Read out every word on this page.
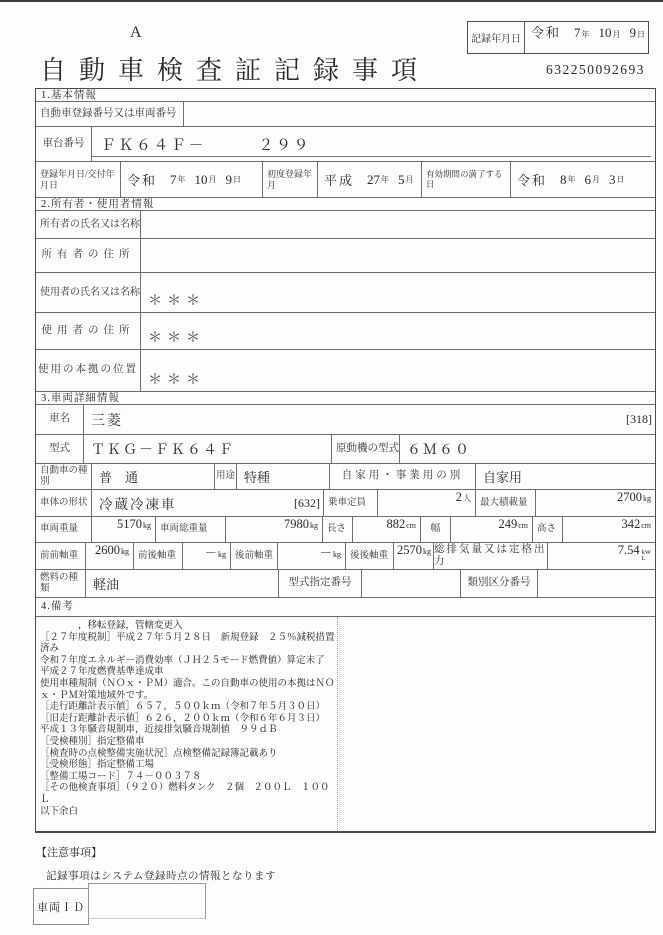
A
自動車検査証記録事項	632250092693
記録年月日 令和 7 年 10 月 9 日
1.基本情報
自動車登録番号又は車両番号
車台番号	ＦＫ６４Ｆ－　　　２９９
登録年月日/交付年月日	令和 7 年 10 月 9 日
初度登録年月	平成 27 年 5 月
有効期間の満了する日	令和 8 年 6 月 3 日
2.所有者・使用者情報
所有者の氏名又は名称
所有者の住所
使用者の氏名又は名称
＊＊＊
使用者の住所
＊＊＊
使用の本拠の位置
＊＊＊
3.車両詳細情報
車名	三菱	[318]
型式	ＴＫＧ－ＦＫ６４Ｆ	原動機の型式 ６Ｍ６０
自動車の種別	普　通	用途 特種	自家用・事業用の別	自家用
車体の形状 冷蔵冷凍車	[632] 乗車定員	2 人 最大積載量	2700 kg
車両重量	5170 kg 車両総重量	7980 kg 長さ	882 cm	幅	249 cm 高さ	342 cm
前前軸重	2600 kg 前後軸重	－ kg 後前軸重	－ kg 後後軸重 2570 kg 総排気量又は定格出力
7.54 kW
L
燃料の種類	軽油	型式指定番号	類別区分番号
4.備考
　　　　，移転登録，管轄変更入
［２７年度税制］平成２７年５月２８日　新規登録　２５％減税措置
済み
令和７年度エネルギー消費効率（ＪＨ２５モード燃費値）算定未了
平成２７年度燃費基準達成車
使用車種規制（ＮＯｘ・ＰＭ）適合。この自動車の使用の本拠はＮＯ
ｘ・ＰＭ対策地域外です。
［走行距離計表示値］６５７，５００ｋｍ（令和７年５月３０日）
［旧走行距離計表示値］６２６，２００ｋｍ（令和６年６月３日）
平成１３年騒音規制車，近接排気騒音規制値　９９ｄＢ
［受検種別］指定整備車
［検査時の点検整備実施状況］点検整備記録簿記載あり
［受検形態］指定整備工場
［整備工場コード］７４－００３７８
［その他検査事項］（９２０）燃料タンク　２個　２００Ｌ　１００
Ｌ
以下余白
【注意事項】
記録事項はシステム登録時点の情報となります
車両ＩＤ
